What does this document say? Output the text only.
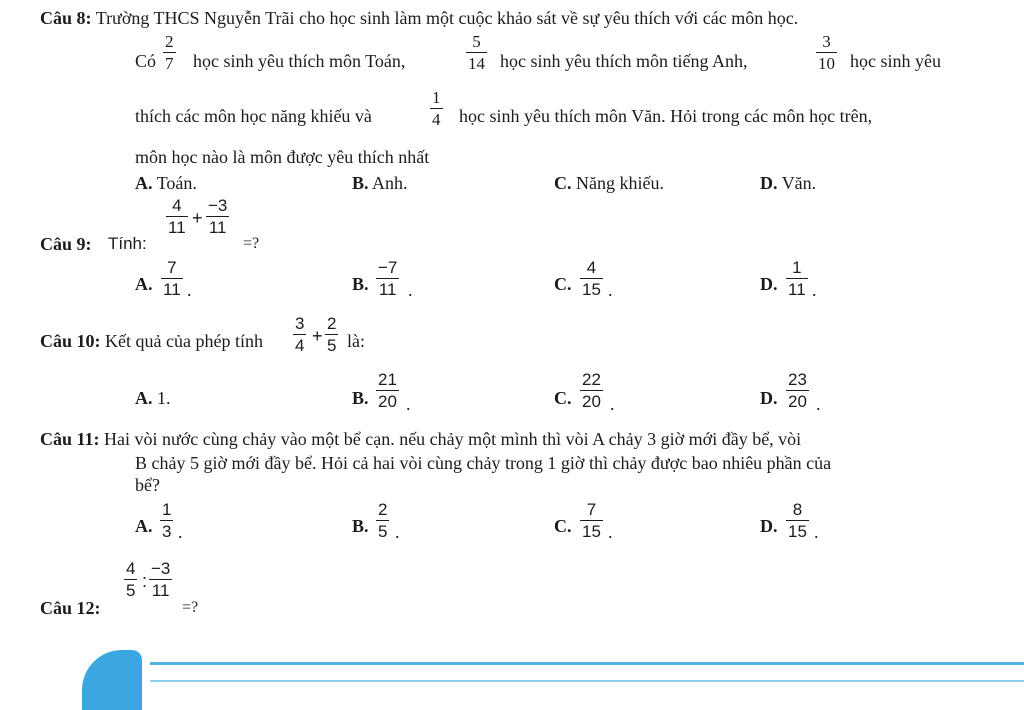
Câu 8: Trường THCS Nguyễn Trãi cho học sinh làm một cuộc khảo sát về sự yêu thích với các môn học.
Có
2
7 học sinh yêu thích môn Toán,
5
14 học sinh yêu thích môn tiếng Anh,
3
10 học sinh yêu
thích các môn học năng khiếu và
1
4 học sinh yêu thích môn Văn. Hỏi trong các môn học trên,
môn học nào là môn được yêu thích nhất
A. Toán.	B. Anh.	C. Năng khiếu.	D. Văn.
Câu 9: Tính:
4
11 +
−3
11
=?
A.
7
11 .	B.
−7
11 .	C.
4
15 .	D.
1
11 .
Câu 10: Kết quả của phép tính
3
4 +
2
5 là:
A. 1.	B.
21
20 .	C.
22
20 .	D.
23
20 .
Câu 11: Hai vòi nước cùng chảy vào một bể cạn. nếu chảy một mình thì vòi A chảy 3 giờ mới đầy bể, vòi
B chảy 5 giờ mới đầy bể. Hỏi cả hai vòi cùng chảy trong 1 giờ thì chảy được bao nhiêu phần của
bể?
A.
1
3 .	B.
2
5 .	C.
7
15 .	D.
8
15 .
Câu 12:
4
5 :
−3
11
=?
